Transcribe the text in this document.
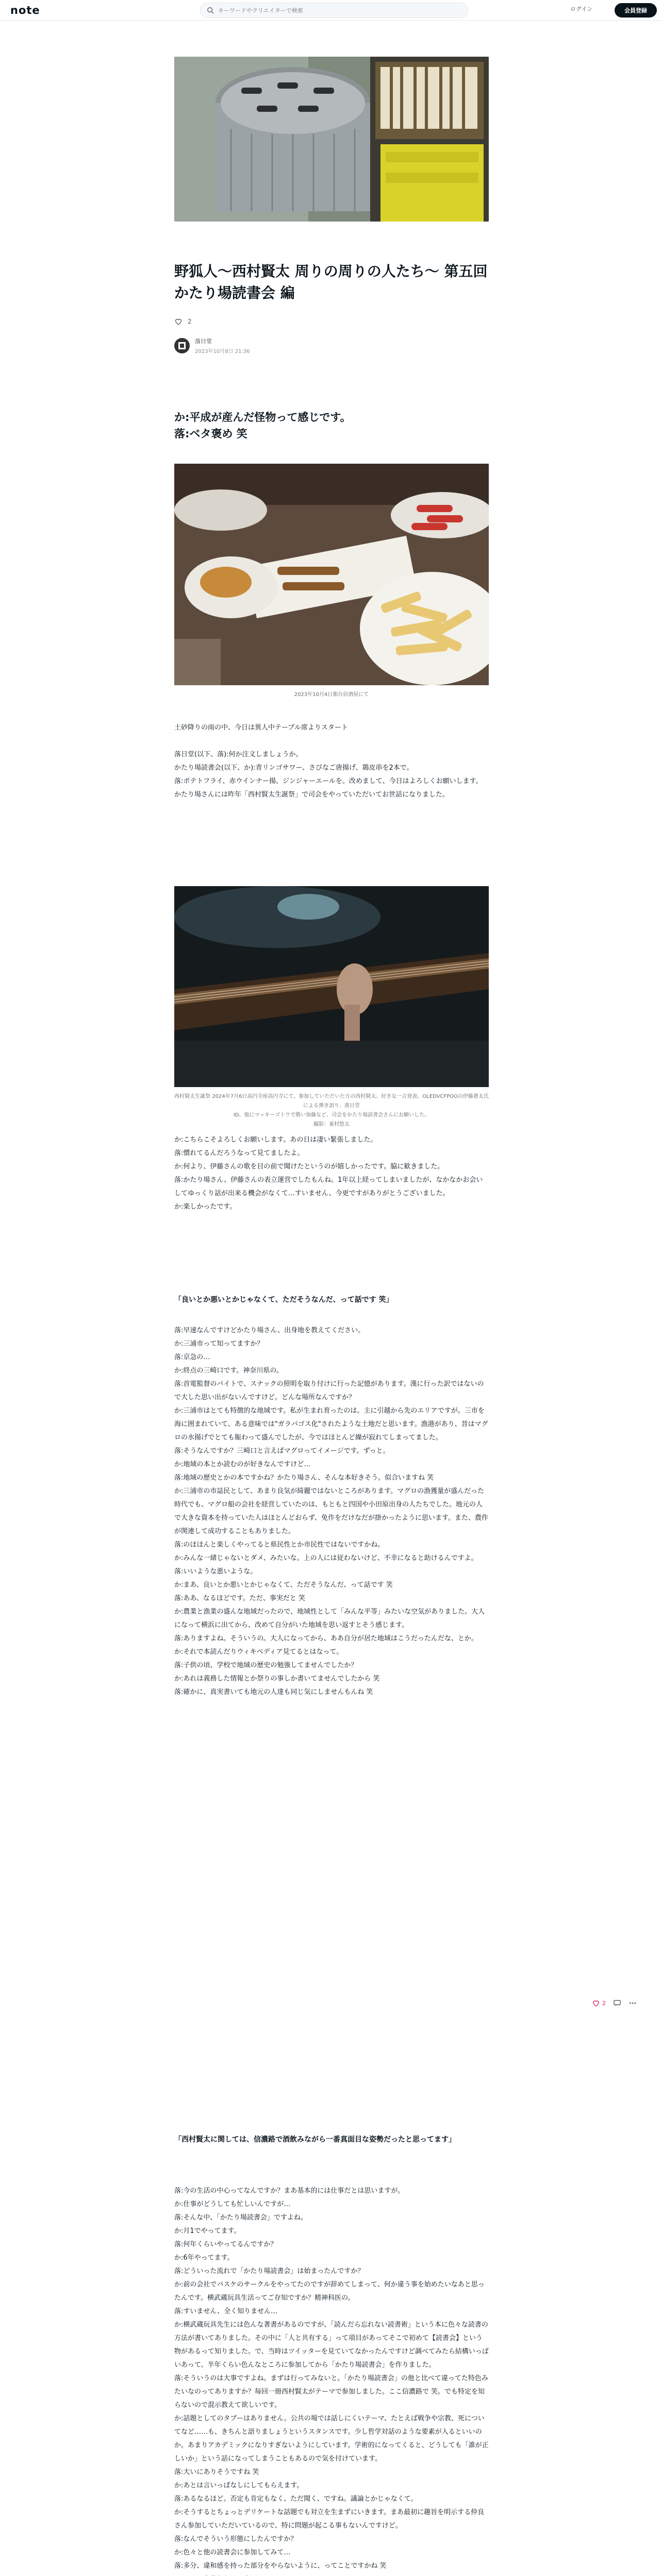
note
キーワードやクリエイターで検索	ログイン	会員登録
野狐人～西村賢太 周りの周りの人たち～ 第五回 かたり場読書会 編
2
落日堂
2023年10月8日 21:36
か:平成が産んだ怪物って感じです。
落:ベタ褒め 笑
2023年10月4日都台居酒屋にて

土砂降りの雨の中、今日は異人中テーブル席よりスタート

落日堂(以下、落):何か注文しましょうか。

かたり場読書会(以下、か):青リンゴサワー、さびなご唐揚げ、鶏皮串を2本で。

落:ポテトフライ、赤ウインナー揚、ジンジャーエールを。改めまして、今日はよろしくお願いします。かたり場さんには昨年「西村賢太生誕祭」で司会をやっていただいてお世話になりました。

西村賢太生誕祭 2024年7月6日高円寺座高円寺にて。参加していただいた方の西村賢太、好きな一言発表。OLEDVCFPOOの伊藤蒼太氏による弾き語り、落日堂
ID、他にマッキーゴトウで勝い加藤など、司会をかたり場読書会さんにお願いした。
撮影：東村悠太

か:こちらこそよろしくお願いします。あの日は凄い緊張しました。

落:慣れてるんだろうなって見てましたよ。

か:何より、伊藤さんの歌を目の前で聞けたというのが嬉しかったです。脇に歓きました。

落:かたり場さん、伊藤さんの表立運営でしたもんね。1年以上経ってしまいましたが、なかなかお会いしてゆっくり話が出来る機会がなくて…すいません、今更ですがありがとうございました。

か:楽しかったです。

「良いとか悪いとかじゃなくて、ただそうなんだ、って話です 笑」

落:早速なんですけどかたり場さん、出身地を教えてください。

か:三浦市って知ってますか？

落:京急の…

か:終点の三崎口です。神奈川県の。

落:首電監督のバイトで、スナックの照明を取り付けに行った記憶があります。漢に行った訳ではないので大した思い出がないんですけど。どんな場所なんですか？

か:三浦市はとても特徴的な地域です。私が生まれ育ったのは、主に引越から先のエリアですが。三市を海に囲まれていて、ある意味では"ガラパゴス化"されたような土地だと思います。漁港があり、昔はマグロの水揚げでとても賑わって盛んでしたが、今ではほとんど繰が寂れてしまってました。

落:そうなんですか？三崎口と言えばマグロってイメージです。ずっと。

か:地域の本とか読むのが好きなんですけど…

落:地域の歴史とかの本ですかね？かたり場さん、そんな本好きそう。似合いますね 笑

か:三浦市の市誌民として、あまり良気が綺麗ではないところがあります。マグロの漁獲量が盛んだった時代でも、マグロ船の会社を経営していたのは、もともと四国や小田原出身の人たちでした。地元の人で大きな資本を持っていた人はほとんどおらず、免作をだけなだが掛かったように思います。また、農作が関連して成功することもありました。

落:のほほんと楽しくやってると県民性とか市民性ではないですかね。

か:みんな一緒じゃないとダメ、みたいな。上の人には従わないけど、不幸になると助けるんですよ。

落:いいような悪いような。

か:まあ、良いとか悪いとかじゃなくて、ただそうなんだ、って話です 笑

落:ああ、なるほどです。ただ、事実だと 笑

か:農業と漁業の盛んな地域だったので、地域性として「みんな平等」みたいな空気がありました。大人になって横浜に出てから、改めて自分がいた地域を思い返すとそう感じます。

落:ありますよね。そういうの。大人になってから、ああ自分が居た地域はこうだったんだな、とか。

か:それで本読んだりウィキペディア見てるとはなって。

落:子供の頃、学校で地域の歴史の勉強してませんでしたか？

か:あれは義務した情報とか祭りの事しか書いてませんでしたから 笑

落:確かに、真実書いても地元の人達も同じ気にしませんもんね 笑

「西村賢太に関しては、信濃路で酒飲みながら一番真面目な姿勢だったと思ってます」

落:今の生活の中心ってなんですか？まあ基本的には仕事だとは思いますが。

か:仕事がどうしても忙しいんですが…

落:そんな中、「かたり場読書会」ですよね。

か:月1でやってます。

落:何年くらいやってるんですか？

か:6年やってます。

落:どういった流れで「かたり場読書会」は始まったんですか？

か:前の会社でバスケのサークルをやってたのですが辞めてしまって、何か違う事を始めたいなあと思ったんです。横武蔵玩具生活ってご存知ですか？精神科医の。

落:すいません、全く知りません…

か:横武蔵玩具先生には色んな著書があるのですが、「読んだら忘れない読書術」という本に色々な読書の方法が書いてありました。その中に「人と共有する」って項目があってそこで初めて【読書会】という物があるって知りました。で、当時はツイッターを見ていてなかったんですけど調べてみたら結構いっぱいあって、半年くらい色んなところに参加してから「かたり場読書会」を作りました。

落:そういうのは大事ですよね。まずは行ってみないと。「かたり場読書会」の他と比べて違ってた特色みたいなのってありますか？毎回一冊西村賢太がテーマで参加しました。ここ信濃路で 笑。でも特定を知らないので混示教えて欲しいです。

か:話題としてのタブーはありません。公共の場では話しにくいテーマ、たとえば戦争や宗教、死についてなど……も、きちんと語りましょうというスタンスです。少し哲学対話のような要素が入るといいのか。あまりアカデミックになりすぎないようにしています。学術的になってくると、どうしても「誰が正しいか」という話になってしまうこともあるので気を付けています。

落:大いにありそうですね 笑

か:あとは言いっぱなしにしてもらえます。

落:あるなるほど。否定も肯定もなく、ただ聞く、ですね。議論とかじゃなくて。

か:そうするとちょっとデリケートな話題でも対立を生まずにいきます。まあ最初に趣旨を明示する仲良さん参加していただいているので、特に問題が起こる事もないんですけど。

落:なんでそういう形態にしたんですか？

か:色々と他の読書会に参加してみて…

落:多分、違和感を持った部分をやらないように、ってことですかね 笑

2
